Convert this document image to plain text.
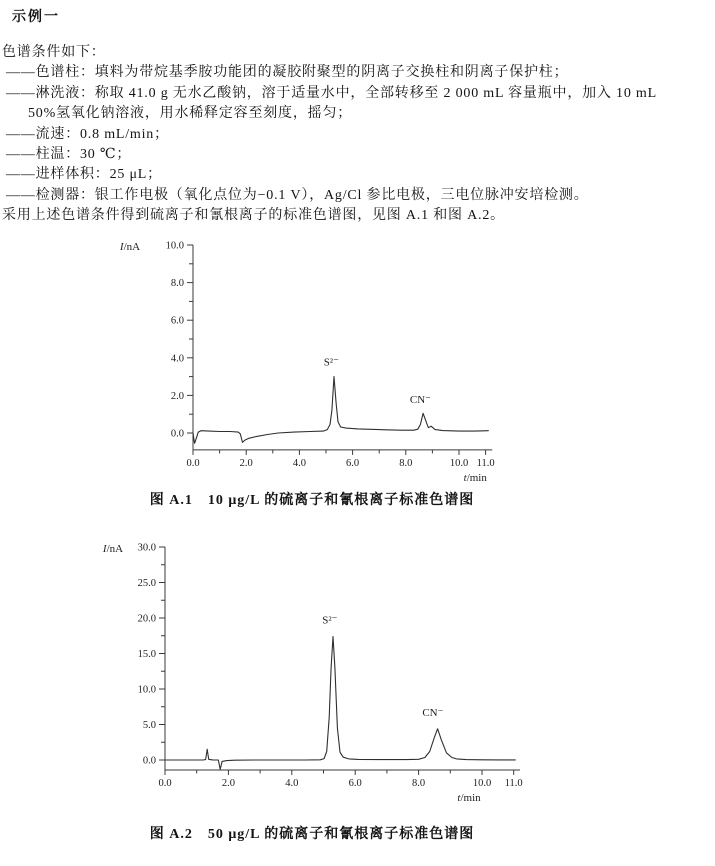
示例一
色谱条件如下：
——色谱柱：填料为带烷基季胺功能团的凝胶附聚型的阴离子交换柱和阴离子保护柱；
——淋洗液：称取 41.0 g 无水乙酸钠，溶于适量水中，全部转移至 2 000 mL 容量瓶中，加入 10 mL
50%氢氧化钠溶液，用水稀释定容至刻度，摇匀；
——流速：0.8 mL/min；
——柱温：30 ℃；
——进样体积：25 μL；
——检测器：银工作电极（氧化点位为−0.1 V），Ag/Cl 参比电极，三电位脉冲安培检测。
采用上述色谱条件得到硫离子和氰根离子的标准色谱图，见图 A.1 和图 A.2。
0.0
2.0
4.0
6.0
8.0
10.0
0.0	2.0	4.0	6.0	8.0	10.0 11.0
I/nA
t/min
S²⁻
CN⁻
图 A.1　10 μg/L 的硫离子和氰根离子标准色谱图
0.0
5.0
10.0
15.0
20.0
25.0
30.0
0.0	2.0	4.0	6.0	8.0	10.0 11.0
I/nA
t/min
S²⁻
CN⁻
图 A.2　50 μg/L 的硫离子和氰根离子标准色谱图
